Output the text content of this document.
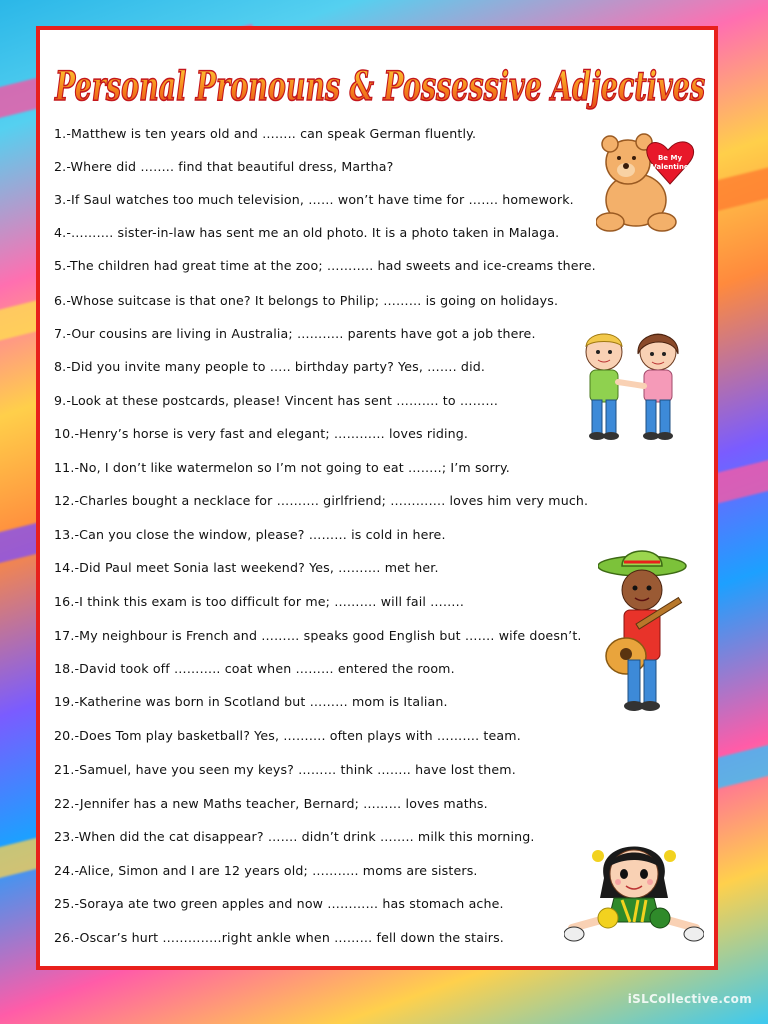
Personal Pronouns & Possessive Adjectives
1.-Matthew is ten years old and …….. can speak German fluently.
2.-Where did …….. find that beautiful dress, Martha?
3.-If Saul watches too much television, …… won’t have time for ……. homework.
4.-………. sister-in-law has sent me an old photo. It is a photo taken in Malaga.
5.-The children had great time at the zoo; ……….. had sweets and ice-creams there.
6.-Whose suitcase is that one? It belongs to Philip; ……… is going on holidays.
7.-Our cousins are living in Australia; ……….. parents have got a job there.
8.-Did you invite many people to ….. birthday party? Yes, ……. did.
9.-Look at these postcards, please! Vincent has sent ………. to ………
10.-Henry’s horse is very fast and elegant; ………… loves riding.
11.-No, I don’t like watermelon so I’m not going to eat ……..; I’m sorry.
12.-Charles bought a necklace for ………. girlfriend; …………. loves him very much.
13.-Can you close the window, please? ……… is cold in here.
14.-Did Paul meet Sonia last weekend? Yes, ………. met her.
16.-I think this exam is too difficult for me; ………. will fail ……..
17.-My neighbour is French and ……… speaks good English but ……. wife doesn’t.
18.-David took off ……….. coat when ……… entered the room.
19.-Katherine was born in Scotland but ……… mom is Italian.
20.-Does Tom play basketball? Yes, ………. often plays with ………. team.
21.-Samuel, have you seen my keys? ……… think …….. have lost them.
22.-Jennifer has a new Maths teacher, Bernard; ……… loves maths.
23.-When did the cat disappear? ……. didn’t drink …….. milk this morning.
24.-Alice, Simon and I are 12 years old; ……….. moms are sisters.
25.-Soraya ate two green apples and now ………… has stomach ache.
26.-Oscar’s hurt …………..right ankle when ……… fell down the stairs.
Be My
Valentine
iSLCollective.com
